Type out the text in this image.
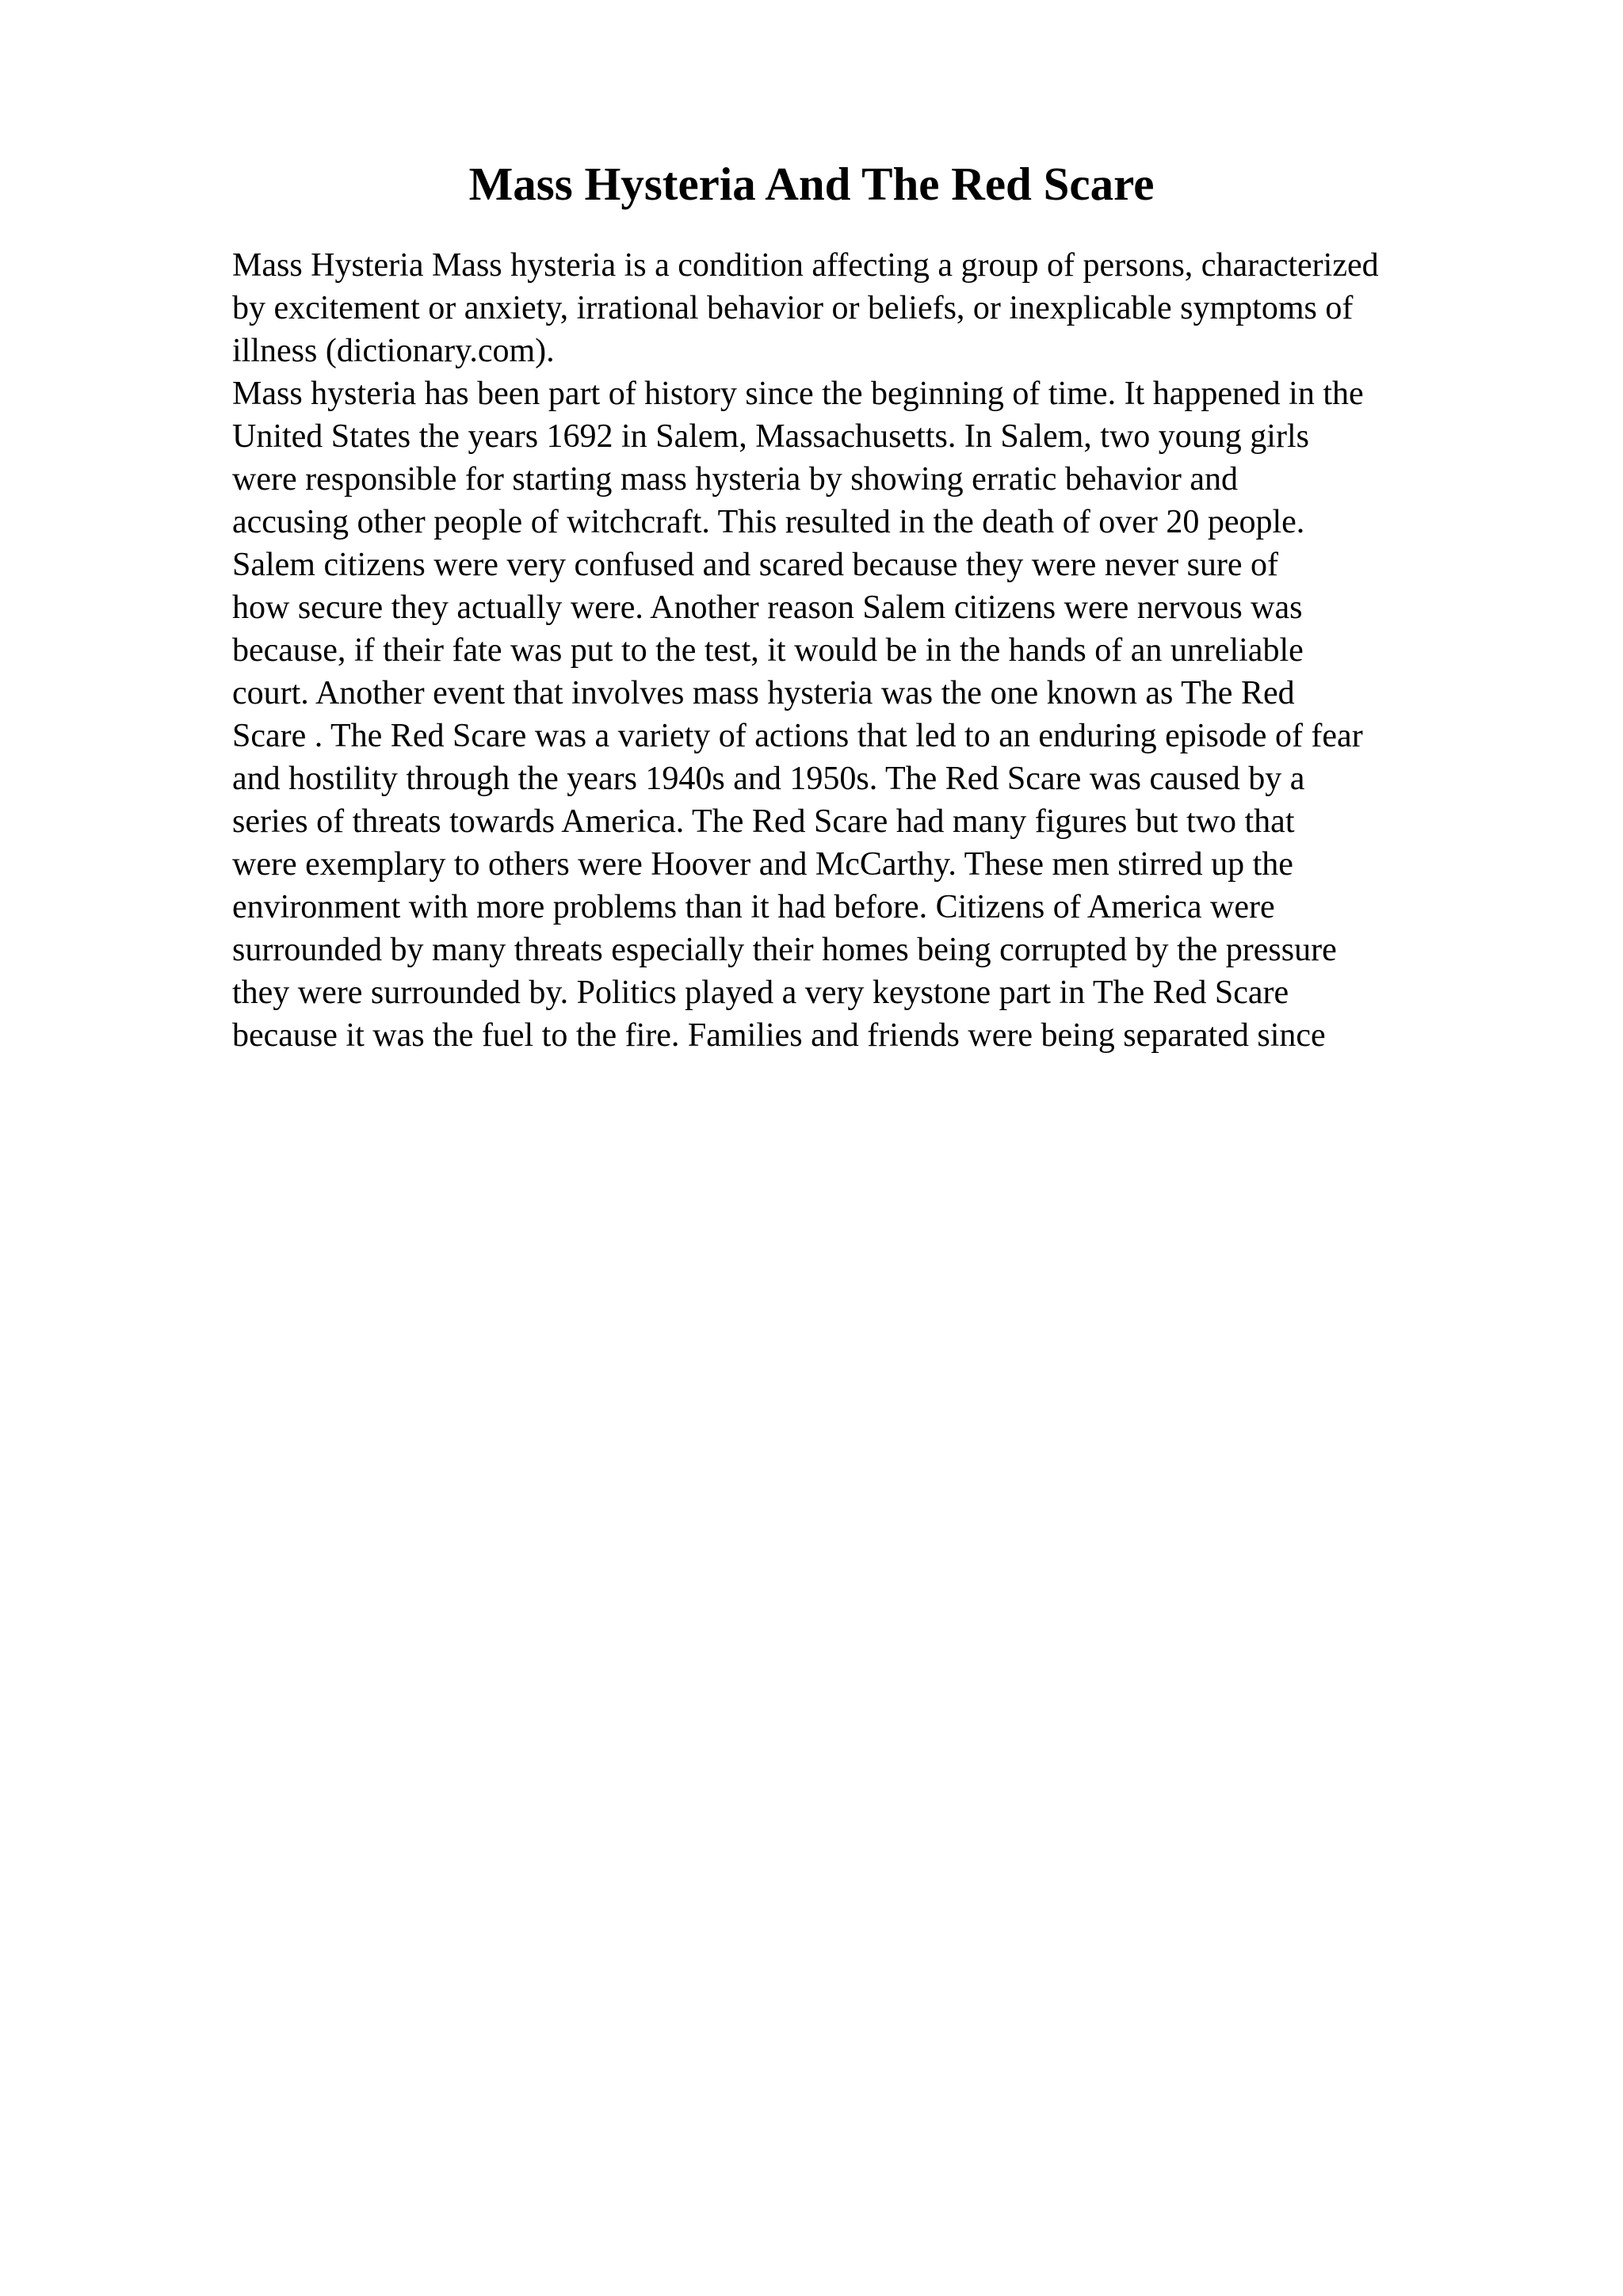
Mass Hysteria And The Red Scare
Mass Hysteria Mass hysteria is a condition affecting a group of persons, characterized
by excitement or anxiety, irrational behavior or beliefs, or inexplicable symptoms of
illness (dictionary.com).
Mass hysteria has been part of history since the beginning of time. It happened in the
United States the years 1692 in Salem, Massachusetts. In Salem, two young girls
were responsible for starting mass hysteria by showing erratic behavior and
accusing other people of witchcraft. This resulted in the death of over 20 people.
Salem citizens were very confused and scared because they were never sure of
how secure they actually were. Another reason Salem citizens were nervous was
because, if their fate was put to the test, it would be in the hands of an unreliable
court. Another event that involves mass hysteria was the one known as The Red
Scare . The Red Scare was a variety of actions that led to an enduring episode of fear
and hostility through the years 1940s and 1950s. The Red Scare was caused by a
series of threats towards America. The Red Scare had many figures but two that
were exemplary to others were Hoover and McCarthy. These men stirred up the
environment with more problems than it had before. Citizens of America were
surrounded by many threats especially their homes being corrupted by the pressure
they were surrounded by. Politics played a very keystone part in The Red Scare
because it was the fuel to the fire. Families and friends were being separated since
